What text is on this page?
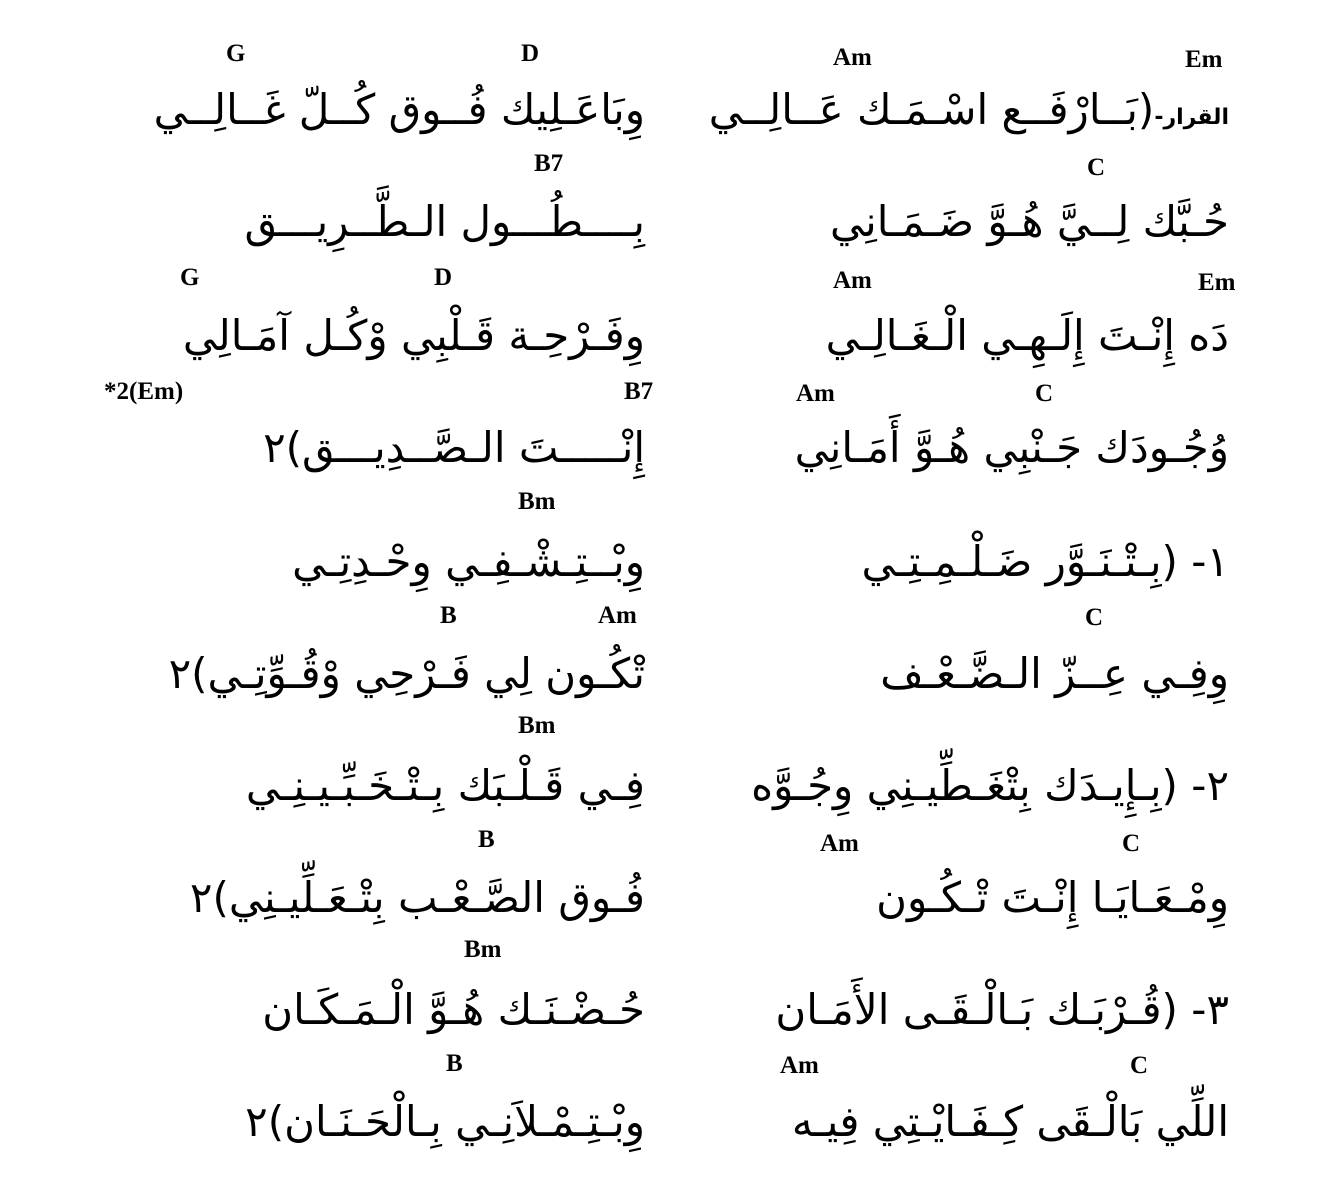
G	D	Am	Em
وِبَاعَـلِيك فُــوق كُــلّ غَــالِــي	القرار-(بَــارْفَــع اسْـمَـك عَــالِــي
B7	C
بِــــطُـــول الـطَّــرِيـــق	حُـبَّك لِــيَّ هُـوَّ ضَـمَـانِي
G	D	Am	Em
وِفَـرْحِـة قَـلْبِي وْكُـل آمَـالِي	دَه إِنْـتَ إِلَـهِـي الْـغَـالِـي
*2(Em)	B7	Am	C
إِنْـــــتَ الـصَّــدِيـــق)٢	وُجُـودَك جَـنْبِي هُـوَّ أَمَـانِي
Bm
وِبْــتِـشْـفِـي وِحْـدِتِـي	١- (بِـتْـنَـوَّر ضَـلْـمِـتِـي
B	Am	C
تْكُـون لِي فَـرْحِي وْقُـوِّتِـي)٢	وِفِـي عِــزّ الـضَّـعْـف
Bm
فِـي قَـلْـبَك بِـتْـخَـبِّـيـنِـي	٢- (بِـإِيـدَك بِتْغَـطِّيـنِي وِجُـوَّه
B	Am	C
فُـوق الصَّـعْـب بِتْـعَـلِّيـنِي)٢	وِمْـعَـايَـا إِنْـتَ تْـكُـون
Bm
حُـضْـنَـك هُـوَّ الْـمَـكَـان	٣- (قُـرْبَـك بَـالْـقَـى الأَمَـان
B	Am	C
وِبْـتِـمْـلاَنِـي بِـالْحَـنَـان)٢	اللِّي بَالْـقَى كِـفَـايْـتِي فِيـه
